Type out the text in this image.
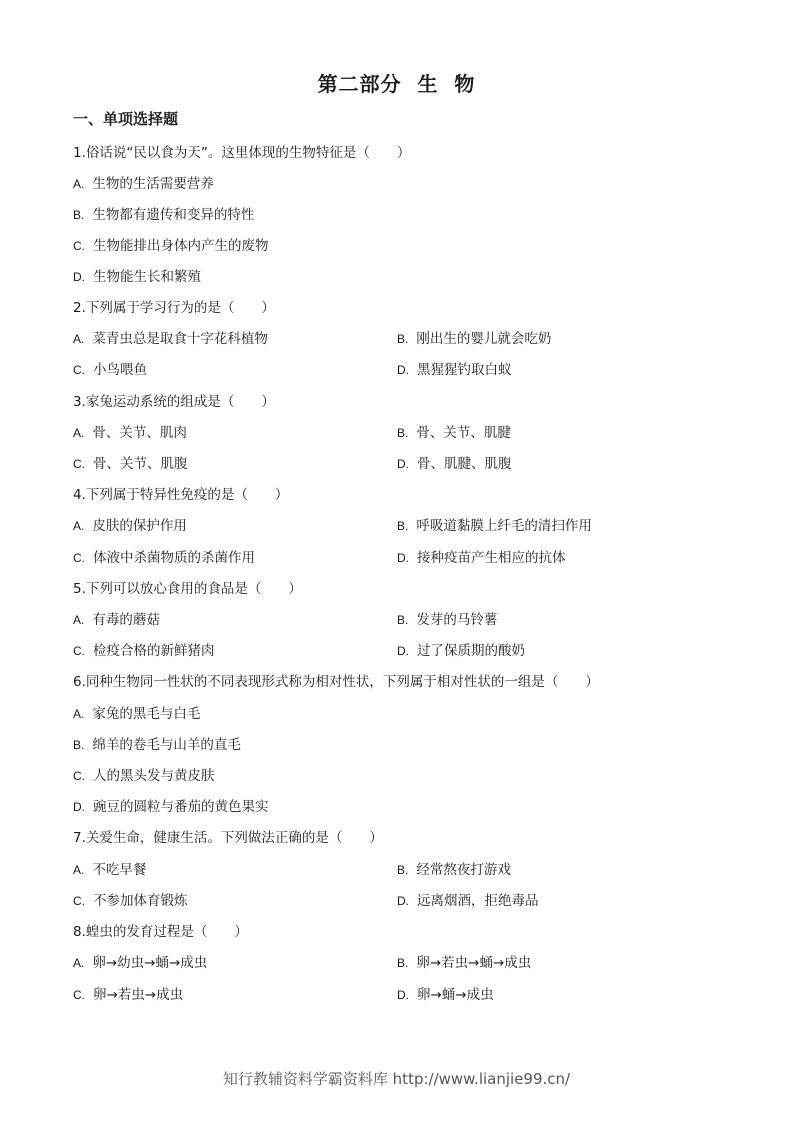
第二部分  生  物
一、单项选择题
1.俗话说“民以食为天”。这里体现的生物特征是（　　）
A. 生物的生活需要营养
B. 生物都有遗传和变异的特性
C. 生物能排出身体内产生的废物
D. 生物能生长和繁殖
2.下列属于学习行为的是（　　）
A. 菜青虫总是取食十字花科植物	B. 刚出生的婴儿就会吃奶
C. 小鸟喂鱼	D. 黑猩猩钓取白蚁
3.家兔运动系统的组成是（　　）
A. 骨、关节、肌肉	B. 骨、关节、肌腱
C. 骨、关节、肌腹	D. 骨、肌腱、肌腹
4.下列属于特异性免疫的是（　　）
A. 皮肤的保护作用	B. 呼吸道黏膜上纤毛的清扫作用
C. 体液中杀菌物质的杀菌作用	D. 接种疫苗产生相应的抗体
5.下列可以放心食用的食品是（　　）
A. 有毒的蘑菇	B. 发芽的马铃薯
C. 检疫合格的新鲜猪肉	D. 过了保质期的酸奶
6.同种生物同一性状的不同表现形式称为相对性状，下列属于相对性状的一组是（　　）
A. 家兔的黑毛与白毛
B. 绵羊的卷毛与山羊的直毛
C. 人的黑头发与黄皮肤
D. 豌豆的圆粒与番茄的黄色果实
7.关爱生命，健康生活。下列做法正确的是（　　）
A. 不吃早餐	B. 经常熬夜打游戏
C. 不参加体育锻炼	D. 远离烟酒，拒绝毒品
8.蝗虫的发育过程是（　　）
A. 卵→幼虫→蛹→成虫	B. 卵→若虫→蛹→成虫
C. 卵→若虫→成虫	D. 卵→蛹→成虫
知行教辅资料学霸资料库 http://www.lianjie99.cn/
